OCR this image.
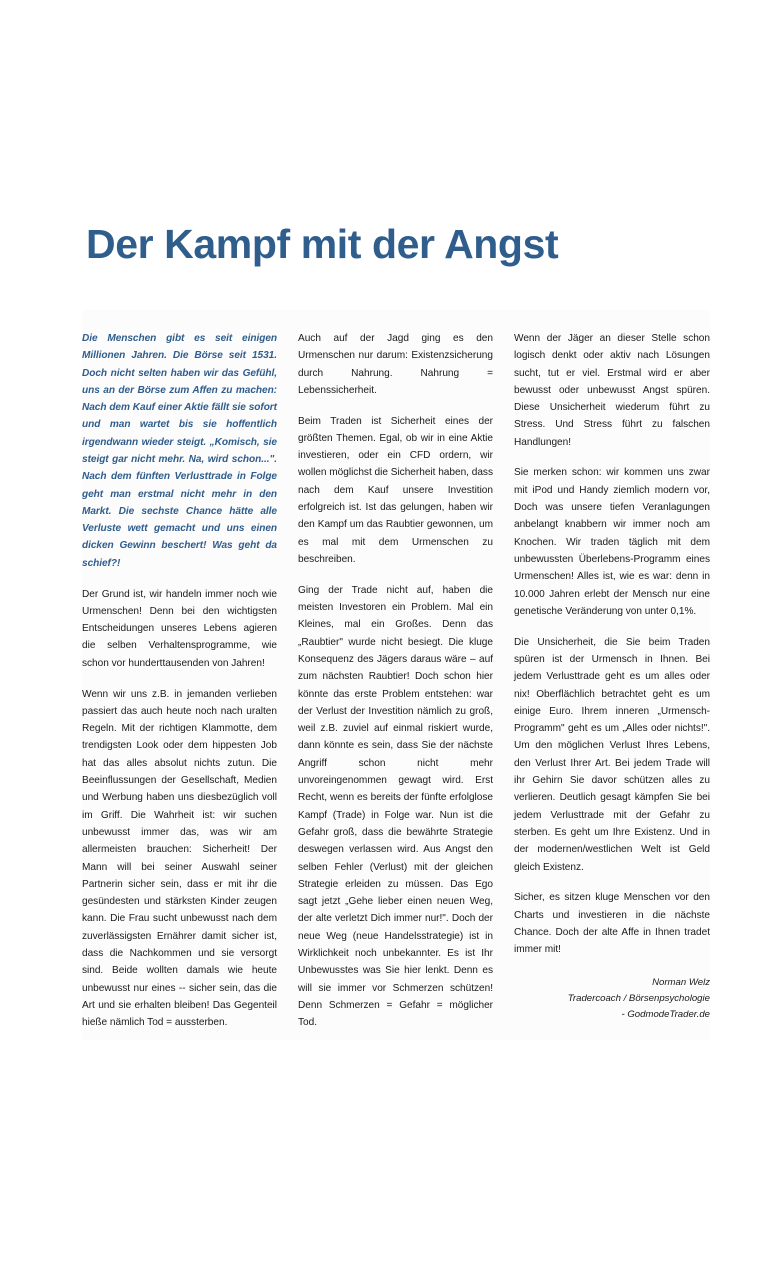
Der Kampf mit der Angst

Die Menschen gibt es seit einigen Millionen Jahren. Die Börse seit 1531. Doch nicht selten haben wir das Gefühl, uns an der Börse zum Affen zu machen: Nach dem Kauf einer Aktie fällt sie sofort und man wartet bis sie hoffentlich irgendwann wieder steigt. „Komisch, sie steigt gar nicht mehr. Na, wird schon...". Nach dem fünften Verlusttrade in Folge geht man erstmal nicht mehr in den Markt. Die sechste Chance hätte alle Verluste wett gemacht und uns einen dicken Gewinn beschert! Was geht da schief?!

Der Grund ist, wir handeln immer noch wie Urmenschen! Denn bei den wichtigsten Entscheidungen unseres Lebens agieren die selben Verhaltensprogramme, wie schon vor hunderttausenden von Jahren!

Wenn wir uns z.B. in jemanden verlieben passiert das auch heute noch nach uralten Regeln. Mit der richtigen Klammotte, dem trendigsten Look oder dem hippesten Job hat das alles absolut nichts zutun. Die Beeinflussungen der Gesellschaft, Medien und Werbung haben uns diesbezüglich voll im Griff. Die Wahrheit ist: wir suchen unbewusst immer das, was wir am allermeisten brauchen: Sicherheit! Der Mann will bei seiner Auswahl seiner Partnerin sicher sein, dass er mit ihr die gesündesten und stärksten Kinder zeugen kann. Die Frau sucht unbewusst nach dem zuverlässigsten Ernährer damit sicher ist, dass die Nachkommen und sie versorgt sind. Beide wollten damals wie heute unbewusst nur eines -- sicher sein, das die Art und sie erhalten bleiben! Das Gegenteil hieße nämlich Tod = aussterben.

Auch auf der Jagd ging es den Urmenschen nur darum: Existenzsicherung durch Nahrung. Nahrung = Lebenssicherheit.

Beim Traden ist Sicherheit eines der größten Themen. Egal, ob wir in eine Aktie investieren, oder ein CFD ordern, wir wollen möglichst die Sicherheit haben, dass nach dem Kauf unsere Investition erfolgreich ist. Ist das gelungen, haben wir den Kampf um das Raubtier gewonnen, um es mal mit dem Urmenschen zu beschreiben.

Ging der Trade nicht auf, haben die meisten Investoren ein Problem. Mal ein Kleines, mal ein Großes. Denn das „Raubtier" wurde nicht besiegt. Die kluge Konsequenz des Jägers daraus wäre – auf zum nächsten Raubtier! Doch schon hier könnte das erste Problem entstehen: war der Verlust der Investition nämlich zu groß, weil z.B. zuviel auf einmal riskiert wurde, dann könnte es sein, dass Sie der nächste Angriff schon nicht mehr unvoreingenommen gewagt wird. Erst Recht, wenn es bereits der fünfte erfolglose Kampf (Trade) in Folge war. Nun ist die Gefahr groß, dass die bewährte Strategie deswegen verlassen wird. Aus Angst den selben Fehler (Verlust) mit der gleichen Strategie erleiden zu müssen. Das Ego sagt jetzt „Gehe lieber einen neuen Weg, der alte verletzt Dich immer nur!". Doch der neue Weg (neue Handelsstrategie) ist in Wirklichkeit noch unbekannter. Es ist Ihr Unbewusstes was Sie hier lenkt. Denn es will sie immer vor Schmerzen schützen! Denn Schmerzen = Gefahr = möglicher Tod.

Wenn der Jäger an dieser Stelle schon logisch denkt oder aktiv nach Lösungen sucht, tut er viel. Erstmal wird er aber bewusst oder unbewusst Angst spüren. Diese Unsicherheit wiederum führt zu Stress. Und Stress führt zu falschen Handlungen!

Sie merken schon: wir kommen uns zwar mit iPod und Handy ziemlich modern vor, Doch was unsere tiefen Veranlagungen anbelangt knabbern wir immer noch am Knochen. Wir traden täglich mit dem unbewussten Überlebens-Programm eines Urmenschen! Alles ist, wie es war: denn in 10.000 Jahren erlebt der Mensch nur eine genetische Veränderung von unter 0,1%.

Die Unsicherheit, die Sie beim Traden spüren ist der Urmensch in Ihnen. Bei jedem Verlusttrade geht es um alles oder nix! Oberflächlich betrachtet geht es um einige Euro. Ihrem inneren „Urmensch-Programm" geht es um „Alles oder nichts!". Um den möglichen Verlust Ihres Lebens, den Verlust Ihrer Art. Bei jedem Trade will ihr Gehirn Sie davor schützen alles zu verlieren. Deutlich gesagt kämpfen Sie bei jedem Verlusttrade mit der Gefahr zu sterben. Es geht um Ihre Existenz. Und in der modernen/westlichen Welt ist Geld gleich Existenz.

Sicher, es sitzen kluge Menschen vor den Charts und investieren in die nächste Chance. Doch der alte Affe in Ihnen tradet immer mit!

Norman Welz

Tradercoach / Börsenpsychologie

- GodmodeTrader.de
